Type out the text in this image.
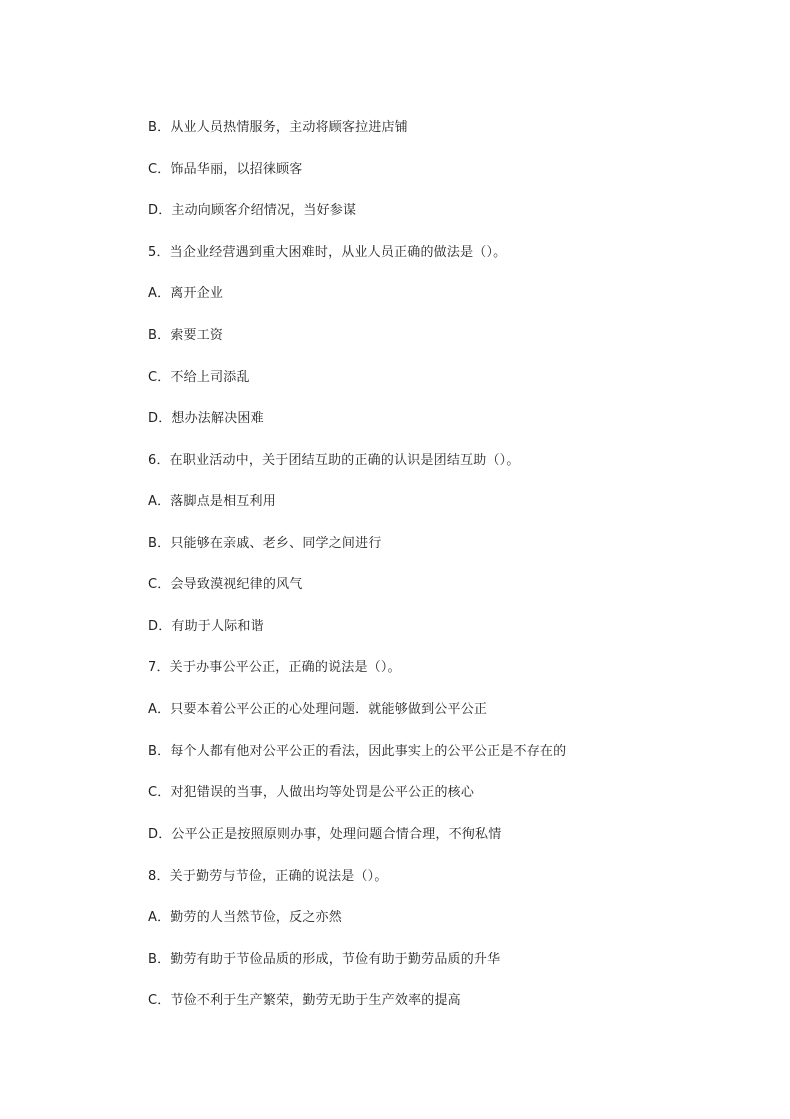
B．从业人员热情服务，主动将顾客拉进店铺
C．饰品华丽，以招徕顾客
D．主动向顾客介绍情况，当好参谋
5．当企业经营遇到重大困难时，从业人员正确的做法是（）。
A．离开企业
B．索要工资
C．不给上司添乱
D．想办法解决困难
6．在职业活动中，关于团结互助的正确的认识是团结互助（）。
A．落脚点是相互利用
B．只能够在亲戚、老乡、同学之间进行
C．会导致漠视纪律的风气
D．有助于人际和谐
7．关于办事公平公正，正确的说法是（）。
A．只要本着公平公正的心处理问题．就能够做到公平公正
B．每个人都有他对公平公正的看法，因此事实上的公平公正是不存在的
C．对犯错误的当事，人做出均等处罚是公平公正的核心
D．公平公正是按照原则办事，处理问题合情合理，不徇私情
8．关于勤劳与节俭，正确的说法是（）。
A．勤劳的人当然节俭，反之亦然
B．勤劳有助于节俭品质的形成，节俭有助于勤劳品质的升华
C．节俭不利于生产繁荣，勤劳无助于生产效率的提高
